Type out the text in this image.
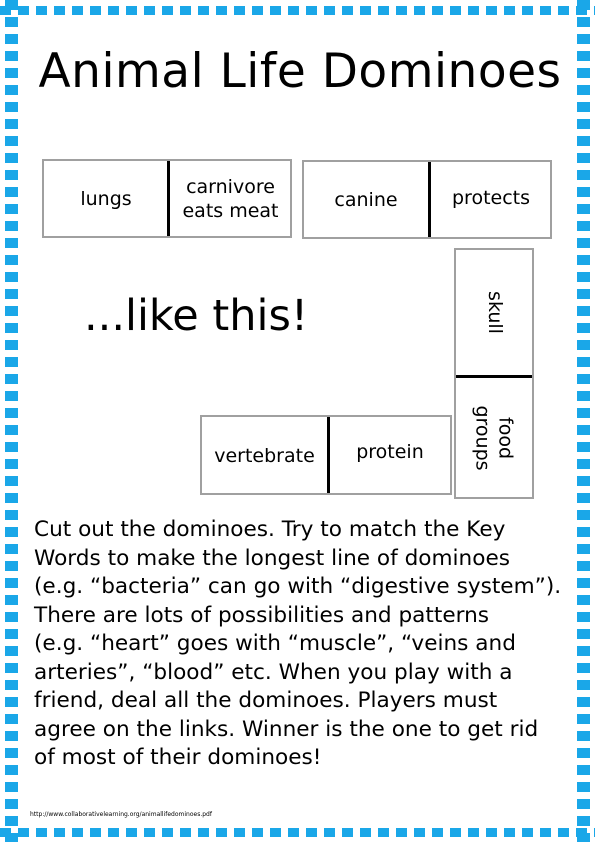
Animal Life Dominoes
lungs
carnivore
eats meat	canine	protects
skull
food
groups
vertebrate	protein
...like this!
Cut out the dominoes. Try to match the Key
Words to make the longest line of dominoes
(e.g. “bacteria” can go with “digestive system”).
There are lots of possibilities and patterns
(e.g. “heart” goes with “muscle”, “veins and
arteries”, “blood” etc. When you play with a
friend, deal all the dominoes. Players must
agree on the links. Winner is the one to get rid
of most of their dominoes!
http://www.collaborativelearning.org/animallifedominoes.pdf
